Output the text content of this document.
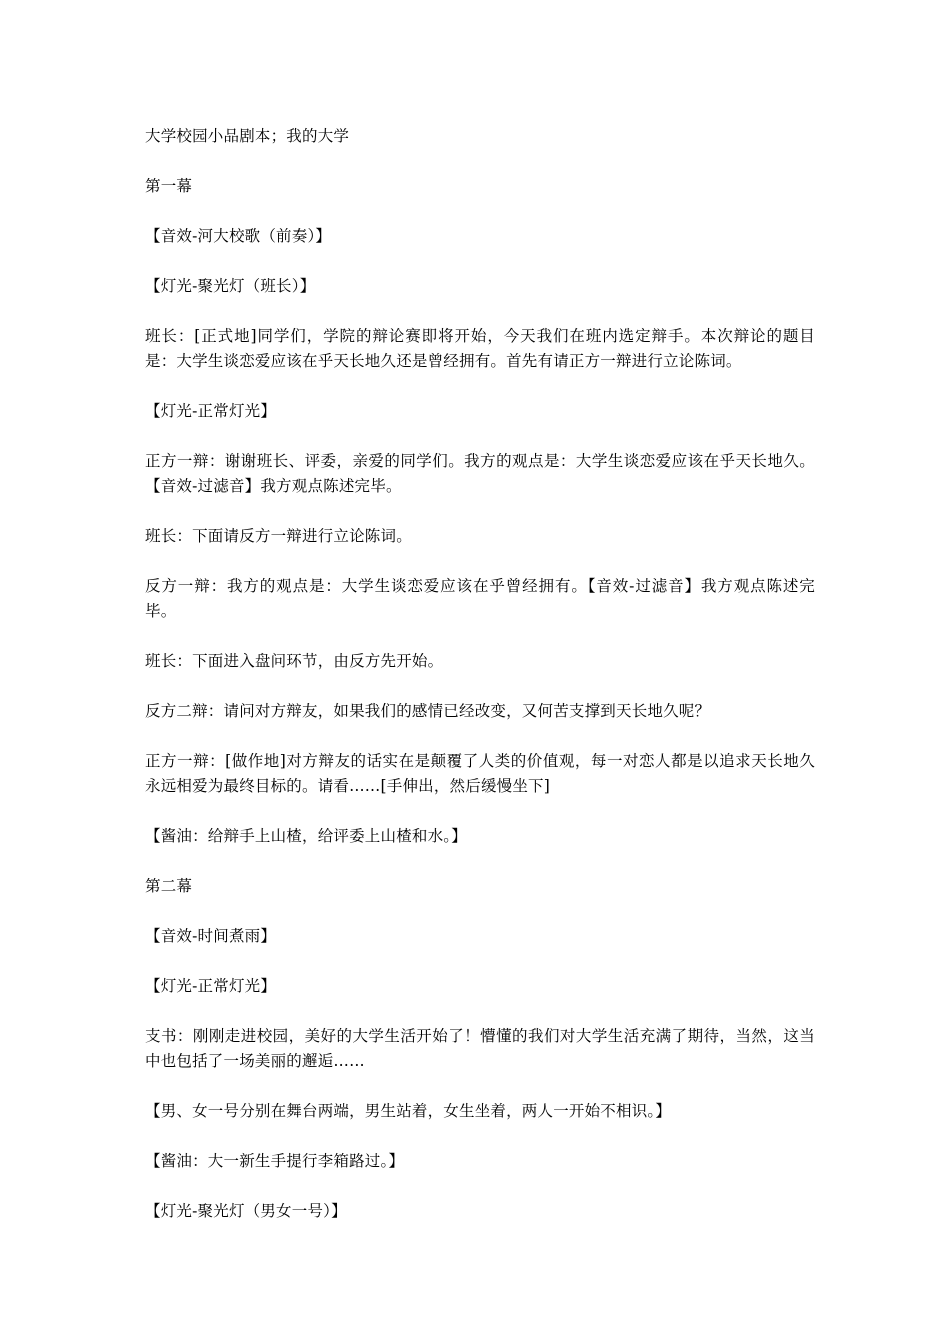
大学校园小品剧本；我的大学

第一幕

【音效-河大校歌（前奏）】

【灯光-聚光灯（班长）】

班长：[正式地]同学们，学院的辩论赛即将开始，今天我们在班内选定辩手。本次辩论的题目是：大学生谈恋爱应该在乎天长地久还是曾经拥有。首先有请正方一辩进行立论陈词。

【灯光-正常灯光】

正方一辩：谢谢班长、评委，亲爱的同学们。我方的观点是：大学生谈恋爱应该在乎天长地久。【音效-过滤音】我方观点陈述完毕。

班长：下面请反方一辩进行立论陈词。

反方一辩：我方的观点是：大学生谈恋爱应该在乎曾经拥有。【音效-过滤音】我方观点陈述完毕。

班长：下面进入盘问环节，由反方先开始。

反方二辩：请问对方辩友，如果我们的感情已经改变，又何苦支撑到天长地久呢？

正方一辩：[做作地]对方辩友的话实在是颠覆了人类的价值观，每一对恋人都是以追求天长地久永远相爱为最终目标的。请看……[手伸出，然后缓慢坐下]

【酱油：给辩手上山楂，给评委上山楂和水。】

第二幕

【音效-时间煮雨】

【灯光-正常灯光】

支书：刚刚走进校园，美好的大学生活开始了！懵懂的我们对大学生活充满了期待，当然，这当中也包括了一场美丽的邂逅……

【男、女一号分别在舞台两端，男生站着，女生坐着，两人一开始不相识。】

【酱油：大一新生手提行李箱路过。】

【灯光-聚光灯（男女一号）】
